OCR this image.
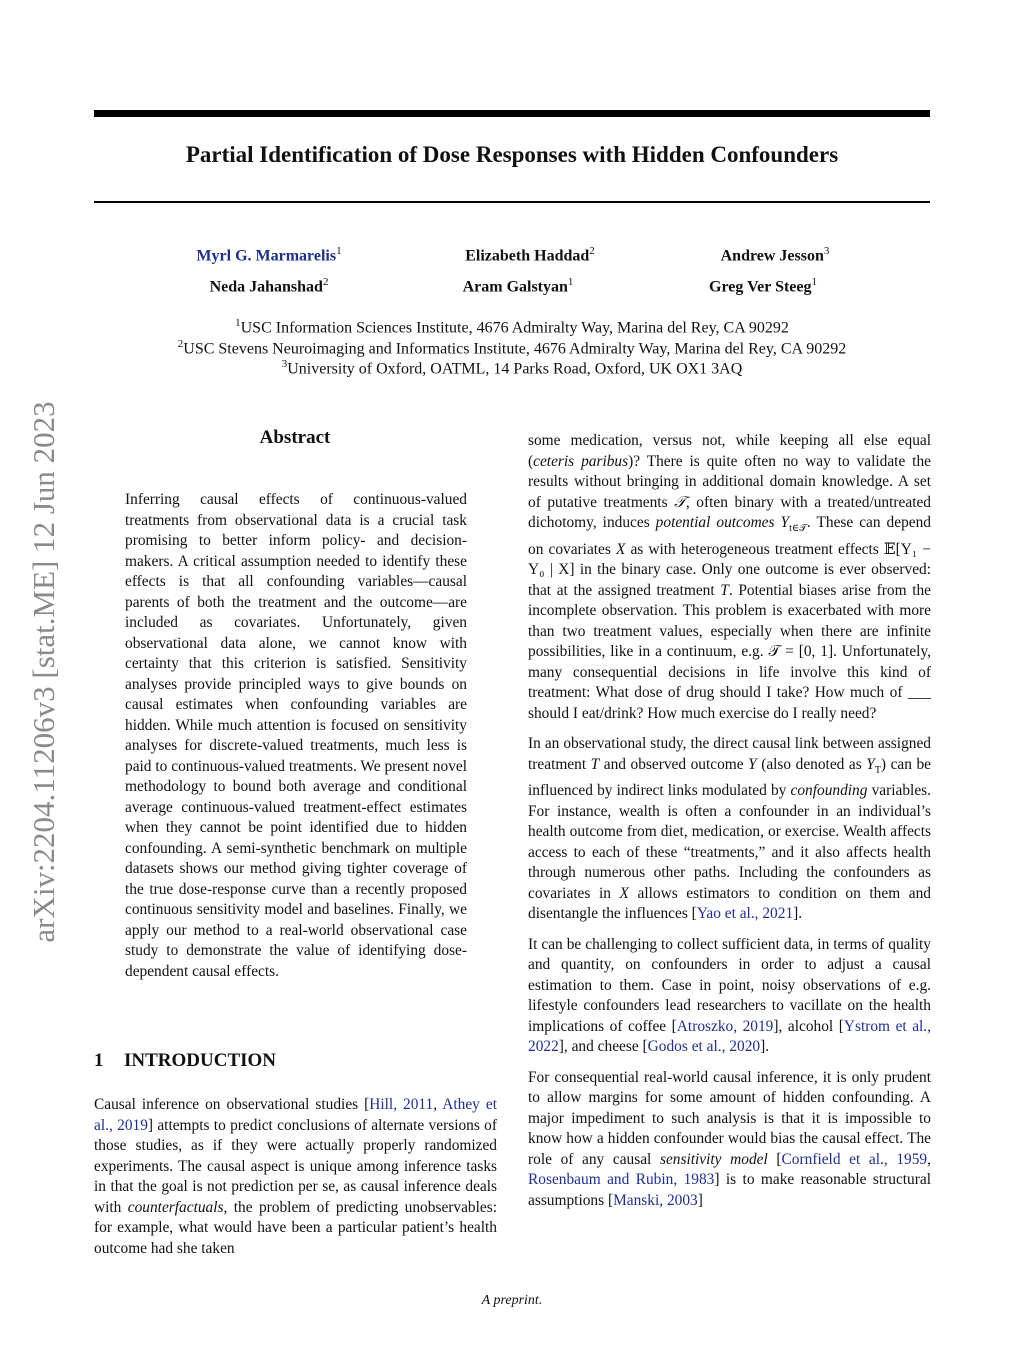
Partial Identification of Dose Responses with Hidden Confounders
arXiv:2204.11206v3 [stat.ME] 12 Jun 2023
Myrl G. Marmarelis$^1$	Elizabeth Haddad$^2$	Andrew Jesson$^3$
Neda Jahanshad$^2$	Aram Galstyan$^1$	Greg Ver Steeg$^1$
$^1$USC Information Sciences Institute, 4676 Admiralty Way, Marina del Rey, CA 90292
$^2$USC Stevens Neuroimaging and Informatics Institute, 4676 Admiralty Way, Marina del Rey, CA 90292
$^3$University of Oxford, OATML, 14 Parks Road, Oxford, UK OX1 3AQ
Abstract

Inferring causal effects of continuous-valued treatments from observational data is a crucial task promising to better inform policy- and decision-makers. A critical assumption needed to identify these effects is that all confounding variables—causal parents of both the treatment and the outcome—are included as covariates. Unfortunately, given observational data alone, we cannot know with certainty that this criterion is satisfied. Sensitivity analyses provide principled ways to give bounds on causal estimates when confounding variables are hidden. While much attention is focused on sensitivity analyses for discrete-valued treatments, much less is paid to continuous-valued treatments. We present novel methodology to bound both average and conditional average continuous-valued treatment-effect estimates when they cannot be point identified due to hidden confounding. A semi-synthetic benchmark on multiple datasets shows our method giving tighter coverage of the true dose-response curve than a recently proposed continuous sensitivity model and baselines. Finally, we apply our method to a real-world observational case study to demonstrate the value of identifying dose-dependent causal effects.

1 INTRODUCTION

Causal inference on observational studies [Hill, 2011, Athey et al., 2019] attempts to predict conclusions of alternate versions of those studies, as if they were actually properly randomized experiments. The causal aspect is unique among inference tasks in that the goal is not prediction per se, as causal inference deals with counterfactuals, the problem of predicting unobservables: for example, what would have been a particular patient’s health outcome had she taken

some medication, versus not, while keeping all else equal (ceteris paribus)? There is quite often no way to validate the results without bringing in additional domain knowledge. A set of putative treatments 𝒯, often binary with a treated/untreated dichotomy, induces potential outcomes $Y_{t\in 𝒯}$. These can depend on covariates X as with heterogeneous treatment effects 𝔼[Y₁ − Y₀ | X] in the binary case. Only one outcome is ever observed: that at the assigned treatment T. Potential biases arise from the incomplete observation. This problem is exacerbated with more than two treatment values, especially when there are infinite possibilities, like in a continuum, e.g. 𝒯 = [0, 1]. Unfortunately, many consequential decisions in life involve this kind of treatment: What dose of drug should I take? How much of ___ should I eat/drink? How much exercise do I really need?

In an observational study, the direct causal link between assigned treatment T and observed outcome Y (also denoted as $Y_T$) can be influenced by indirect links modulated by confounding variables. For instance, wealth is often a confounder in an individual’s health outcome from diet, medication, or exercise. Wealth affects access to each of these “treatments,” and it also affects health through numerous other paths. Including the confounders as covariates in X allows estimators to condition on them and disentangle the influences [Yao et al., 2021].

It can be challenging to collect sufficient data, in terms of quality and quantity, on confounders in order to adjust a causal estimation to them. Case in point, noisy observations of e.g. lifestyle confounders lead researchers to vacillate on the health implications of coffee [Atroszko, 2019], alcohol [Ystrom et al., 2022], and cheese [Godos et al., 2020].

For consequential real-world causal inference, it is only prudent to allow margins for some amount of hidden confounding. A major impediment to such analysis is that it is impossible to know how a hidden confounder would bias the causal effect. The role of any causal sensitivity model [Cornfield et al., 1959, Rosenbaum and Rubin, 1983] is to make reasonable structural assumptions [Manski, 2003]

A preprint.
